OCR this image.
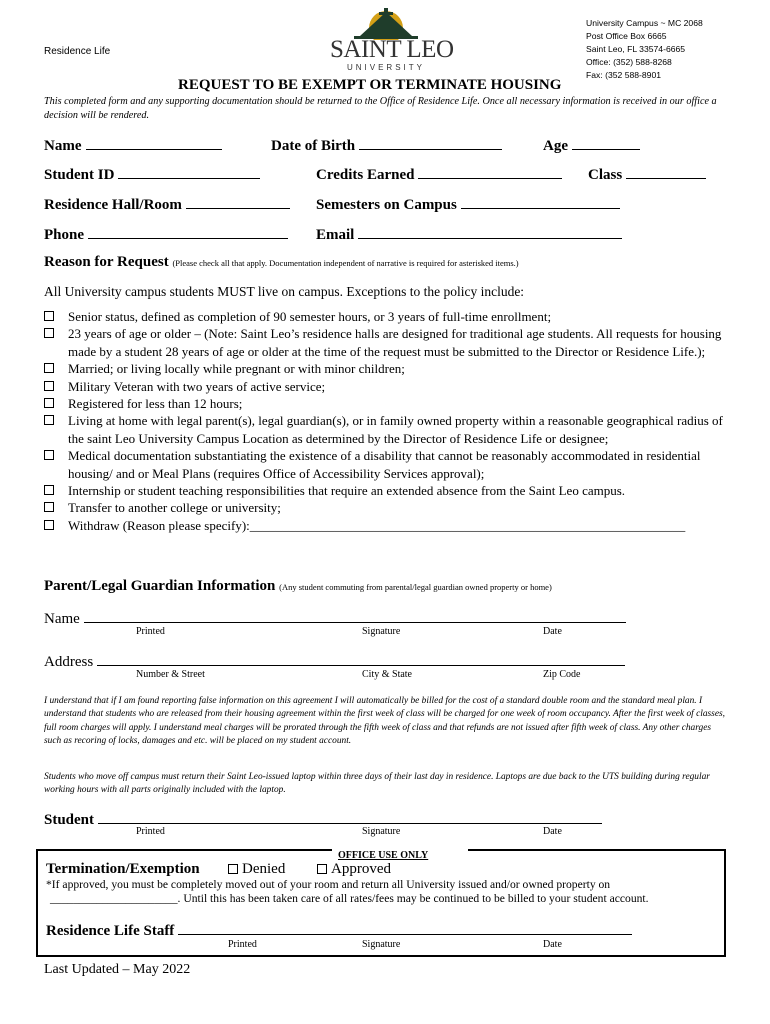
Residence Life	SAINT LEO
UNIVERSITY
University Campus ~ MC 2068
Post Office Box 6665
Saint Leo, FL 33574-6665
Office: (352) 588-8268
Fax: (352 588-8901
REQUEST TO BE EXEMPT OR TERMINATE HOUSING
This completed form and any supporting documentation should be returned to the Office of Residence Life. Once all necessary information is received in our office a decision will be rendered.
Name	Date of Birth	Age
Student ID	Credits Earned	Class
Residence Hall/Room	Semesters on Campus
Phone	Email
Reason for Request (Please check all that apply. Documentation independent of narrative is required for asterisked items.)
All University campus students MUST live on campus. Exceptions to the policy include:
Senior status, defined as completion of 90 semester hours, or 3 years of full-time enrollment;
23 years of age or older – (Note: Saint Leo’s residence halls are designed for traditional age students. All requests for housing made by a student 28 years of age or older at the time of the request must be submitted to the Director or Residence Life.);
Married; or living locally while pregnant or with minor children;
Military Veteran with two years of active service;
Registered for less than 12 hours;
Living at home with legal parent(s), legal guardian(s), or in family owned property within a reasonable geographical radius of the saint Leo University Campus Location as determined by the Director of Residence Life or designee;
Medical documentation substantiating the existence of a disability that cannot be reasonably accommodated in residential housing/ and or Meal Plans (requires Office of Accessibility Services approval);
Internship or student teaching responsibilities that require an extended absence from the Saint Leo campus.
Transfer to another college or university;
Withdraw (Reason please specify):___________________________________________________________________
Parent/Legal Guardian Information (Any student commuting from parental/legal guardian owned property or home)
Name
Printed	Signature	Date
Address
Number & Street	City & State	Zip Code
I understand that if I am found reporting false information on this agreement I will automatically be billed for the cost of a standard double room and the standard meal plan. I understand that students who are released from their housing agreement within the first week of class will be charged for one week of room occupancy. After the first week of classes, full room charges will apply. I understand meal charges will be prorated through the fifth week of class and that refunds are not issued after fifth week of class. Any other charges such as recoring of locks, damages and etc. will be placed on my student account.
Students who move off campus must return their Saint Leo-issued laptop within three days of their last day in residence. Laptops are due back to the UTS building during regular working hours with all parts originally included with the laptop.
Student
Printed	Signature	Date
OFFICE USE ONLY
Termination/Exemption	Denied	Approved
*If approved, you must be completely moved out of your room and return all University issued and/or owned property on
______________________. Until this has been taken care of all rates/fees may be continued to be billed to your student account.
Residence Life Staff
Printed	Signature	Date
Last Updated – May 2022
